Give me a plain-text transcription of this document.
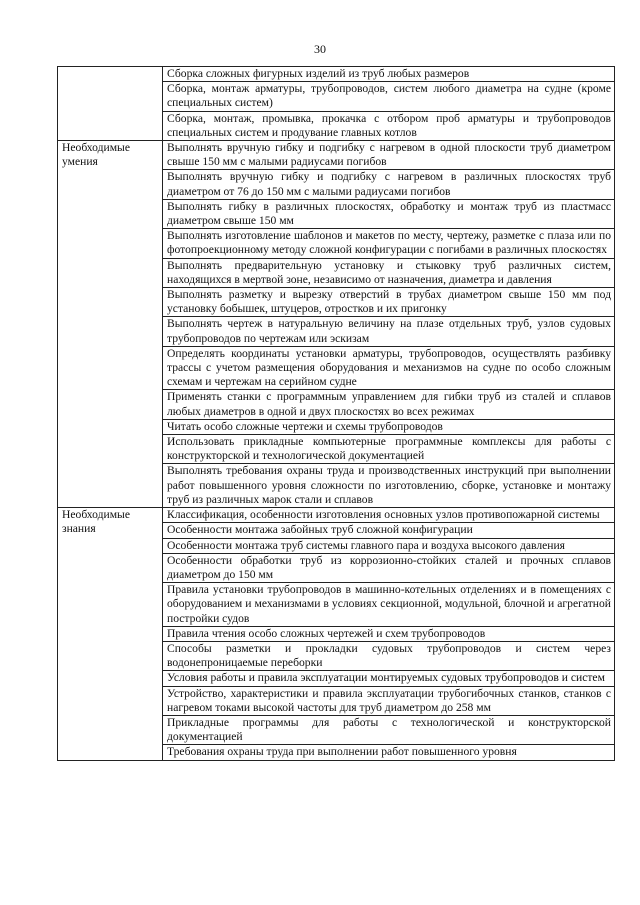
30
	Сборка сложных фигурных изделий из труб любых размеров
	Сборка, монтаж арматуры, трубопроводов, систем любого диаметра на судне (кроме специальных систем)
	Сборка, монтаж, промывка, прокачка с отбором проб арматуры и трубопроводов специальных систем и продувание главных котлов
Необходимые умения	Выполнять вручную гибку и подгибку с нагревом в одной плоскости труб диаметром свыше 150 мм с малыми радиусами погибов
	Выполнять вручную гибку и подгибку с нагревом в различных плоскостях труб диаметром от 76 до 150 мм с малыми радиусами погибов
	Выполнять гибку в различных плоскостях, обработку и монтаж труб из пластмасс диаметром свыше 150 мм
	Выполнять изготовление шаблонов и макетов по месту, чертежу, разметке с плаза или по фотопроекционному методу сложной конфигурации с погибами в различных плоскостях
	Выполнять предварительную установку и стыковку труб различных систем, находящихся в мертвой зоне, независимо от назначения, диаметра и давления
	Выполнять разметку и вырезку отверстий в трубах диаметром свыше 150 мм под установку бобышек, штуцеров, отростков и их пригонку
	Выполнять чертеж в натуральную величину на плазе отдельных труб, узлов судовых трубопроводов по чертежам или эскизам
	Определять координаты установки арматуры, трубопроводов, осуществлять разбивку трассы с учетом размещения оборудования и механизмов на судне по особо сложным схемам и чертежам на серийном судне
	Применять станки с программным управлением для гибки труб из сталей и сплавов любых диаметров в одной и двух плоскостях во всех режимах
	Читать особо сложные чертежи и схемы трубопроводов
	Использовать прикладные компьютерные программные комплексы для работы с конструкторской и технологической документацией
	Выполнять требования охраны труда и производственных инструкций при выполнении работ повышенного уровня сложности по изготовлению, сборке, установке и монтажу труб из различных марок стали и сплавов
Необходимые знания	Классификация, особенности изготовления основных узлов противопожарной системы
	Особенности монтажа забойных труб сложной конфигурации
	Особенности монтажа труб системы главного пара и воздуха высокого давления
	Особенности обработки труб из коррозионно-стойких сталей и прочных сплавов диаметром до 150 мм
	Правила установки трубопроводов в машинно-котельных отделениях и в помещениях с оборудованием и механизмами в условиях секционной, модульной, блочной и агрегатной постройки судов
	Правила чтения особо сложных чертежей и схем трубопроводов
	Способы разметки и прокладки судовых трубопроводов и систем через водонепроницаемые переборки
	Условия работы и правила эксплуатации монтируемых судовых трубопроводов и систем
	Устройство, характеристики и правила эксплуатации трубогибочных станков, станков с нагревом токами высокой частоты для труб диаметром до 258 мм
	Прикладные программы для работы с технологической и конструкторской документацией
	Требования охраны труда при выполнении работ повышенного уровня
